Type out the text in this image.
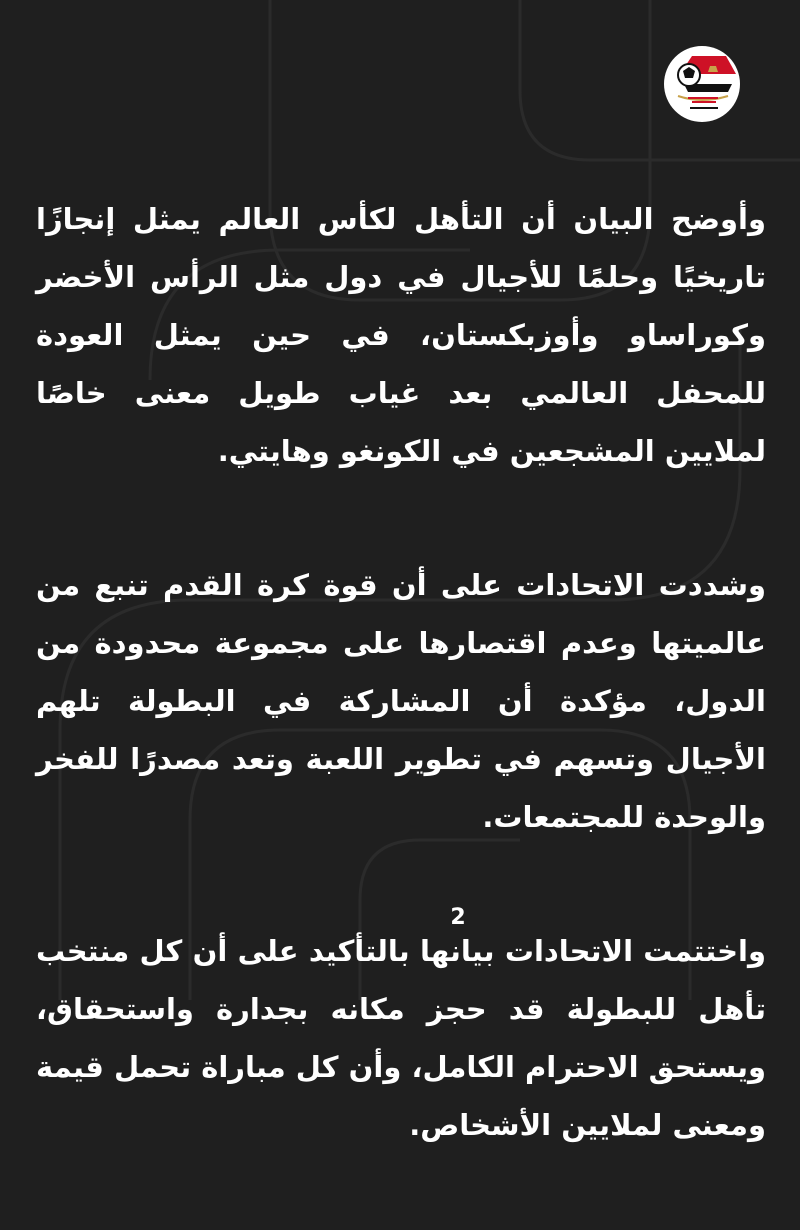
وأوضح البيان أن التأهل لكأس العالم يمثل إنجازًا تاريخيًا وحلمًا للأجيال في دول مثل الرأس الأخضر وكوراساو وأوزبكستان، في حين يمثل العودة للمحفل العالمي بعد غياب طويل معنى خاصًا لملايين المشجعين في الكونغو وهايتي.

وشددت الاتحادات على أن قوة كرة القدم تنبع من عالميتها وعدم اقتصارها على مجموعة محدودة من الدول، مؤكدة أن المشاركة في البطولة تلهم الأجيال وتسهم في تطوير اللعبة وتعد مصدرًا للفخر والوحدة للمجتمعات.

واختتمت الاتحادات بيانها بالتأكيد على أن كل منتخب تأهل للبطولة قد حجز مكانه بجدارة واستحقاق، ويستحق الاحترام الكامل، وأن كل مباراة تحمل قيمة ومعنى لملايين الأشخاص.

2
